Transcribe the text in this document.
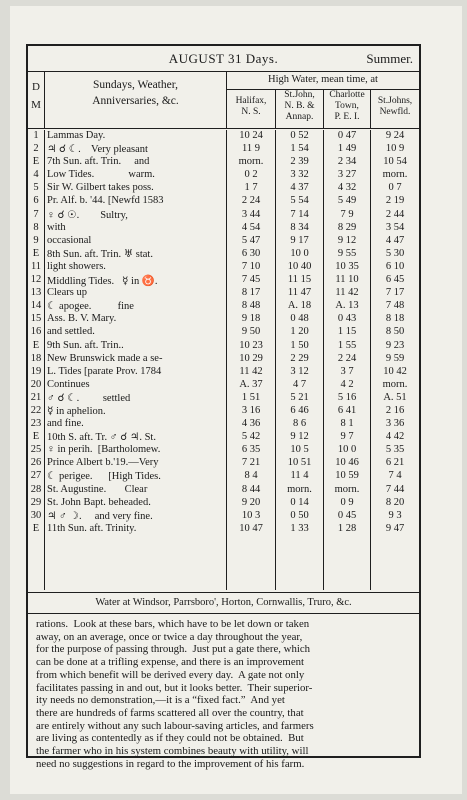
AUGUST 31 Days.	Summer.
D
M
Sundays, Weather,
Anniversaries, &c.
High Water, mean time, at
Halifax,
N. S.
St.John,
N. B. &
Annap.
Charlotte
Town,
P. E. I.
St.Johns,
Newfld.
1 Lammas Day.	10 24	0 52	0 47	9 24
2 ♃ ☌ ☾.    Very pleasant	11 9	1 54	1 49	10 9
E 7th Sun. aft. Trin.     and	morn.	2 39	2 34	10 54
4 Low Tides.             warm.	0 2	3 32	3 27	morn.
5 Sir W. Gilbert takes poss.	1 7	4 37	4 32	0 7
6 Pr. Alf. b. '44. [Newfd 1583	2 24	5 54	5 49	2 19
7 ♀ ☌ ☉.        Sultry,	3 44	7 14	7 9	2 44
8 with	4 54	8 34	8 29	3 54
9 occasional	5 47	9 17	9 12	4 47
E 8th Sun. aft. Trin. ♅ stat.	6 30	10 0	9 55	5 30
11 light showers.	7 10	10 40	10 35	6 10
12 Middling Tides.   ☿ in ♉.	7 45	11 15	11 10	6 45
13 Clears up	8 17	11 47	11 42	7 17
14 ☾ apogee.          fine	8 48	A. 18	A. 13	7 48
15 Ass. B. V. Mary.	9 18	0 48	0 43	8 18
16 and settled.	9 50	1 20	1 15	8 50
E 9th Sun. aft. Trin..	10 23	1 50	1 55	9 23
18 New Brunswick made a se-	10 29	2 29	2 24	9 59
19 L. Tides [parate Prov. 1784	11 42	3 12	3 7	10 42
20 Continues	A. 37	4 7	4 2	morn.
21 ♂ ☌ ☾.         settled	1 51	5 21	5 16	A. 51
22 ☿ in aphelion.	3 16	6 46	6 41	2 16
23 and fine.	4 36	8 6	8 1	3 36
E 10th S. aft. Tr. ♂ ☌ ♃. St.	5 42	9 12	9 7	4 42
25 ♀ in perih.  [Bartholomew.	6 35	10 5	10 0	5 35
26 Prince Albert b.'19.—Very	7 21	10 51	10 46	6 21
27 ☾ perigee.      [High Tides.	8 4	11 4	10 59	7 4
28 St. Augustine.       Clear	8 44	morn.	morn.	7 44
29 St. John Bapt. beheaded.	9 20	0 14	0 9	8 20
30 ♃ ♂ ☽.     and very fine.	10 3	0 50	0 45	9 3
E 11th Sun. aft. Trinity.	10 47	1 33	1 28	9 47
Water at Windsor, Parrsboro', Horton, Cornwallis, Truro, &c.
rations.  Look at these bars, which have to be let down or taken
away, on an average, once or twice a day throughout the year,
for the purpose of passing through.  Just put a gate there, which
can be done at a trifling expense, and there is an improvement
from which benefit will be derived every day.  A gate not only
facilitates passing in and out, but it looks better.  Their superior-
ity needs no demonstration,—it is a “fixed fact.”  And yet
there are hundreds of farms scattered all over the country, that
are entirely without any such labour-saving articles, and farmers
are living as contentedly as if they could not be obtained.  But
the farmer who in his system combines beauty with utility, will
need no suggestions in regard to the improvement of his farm.
